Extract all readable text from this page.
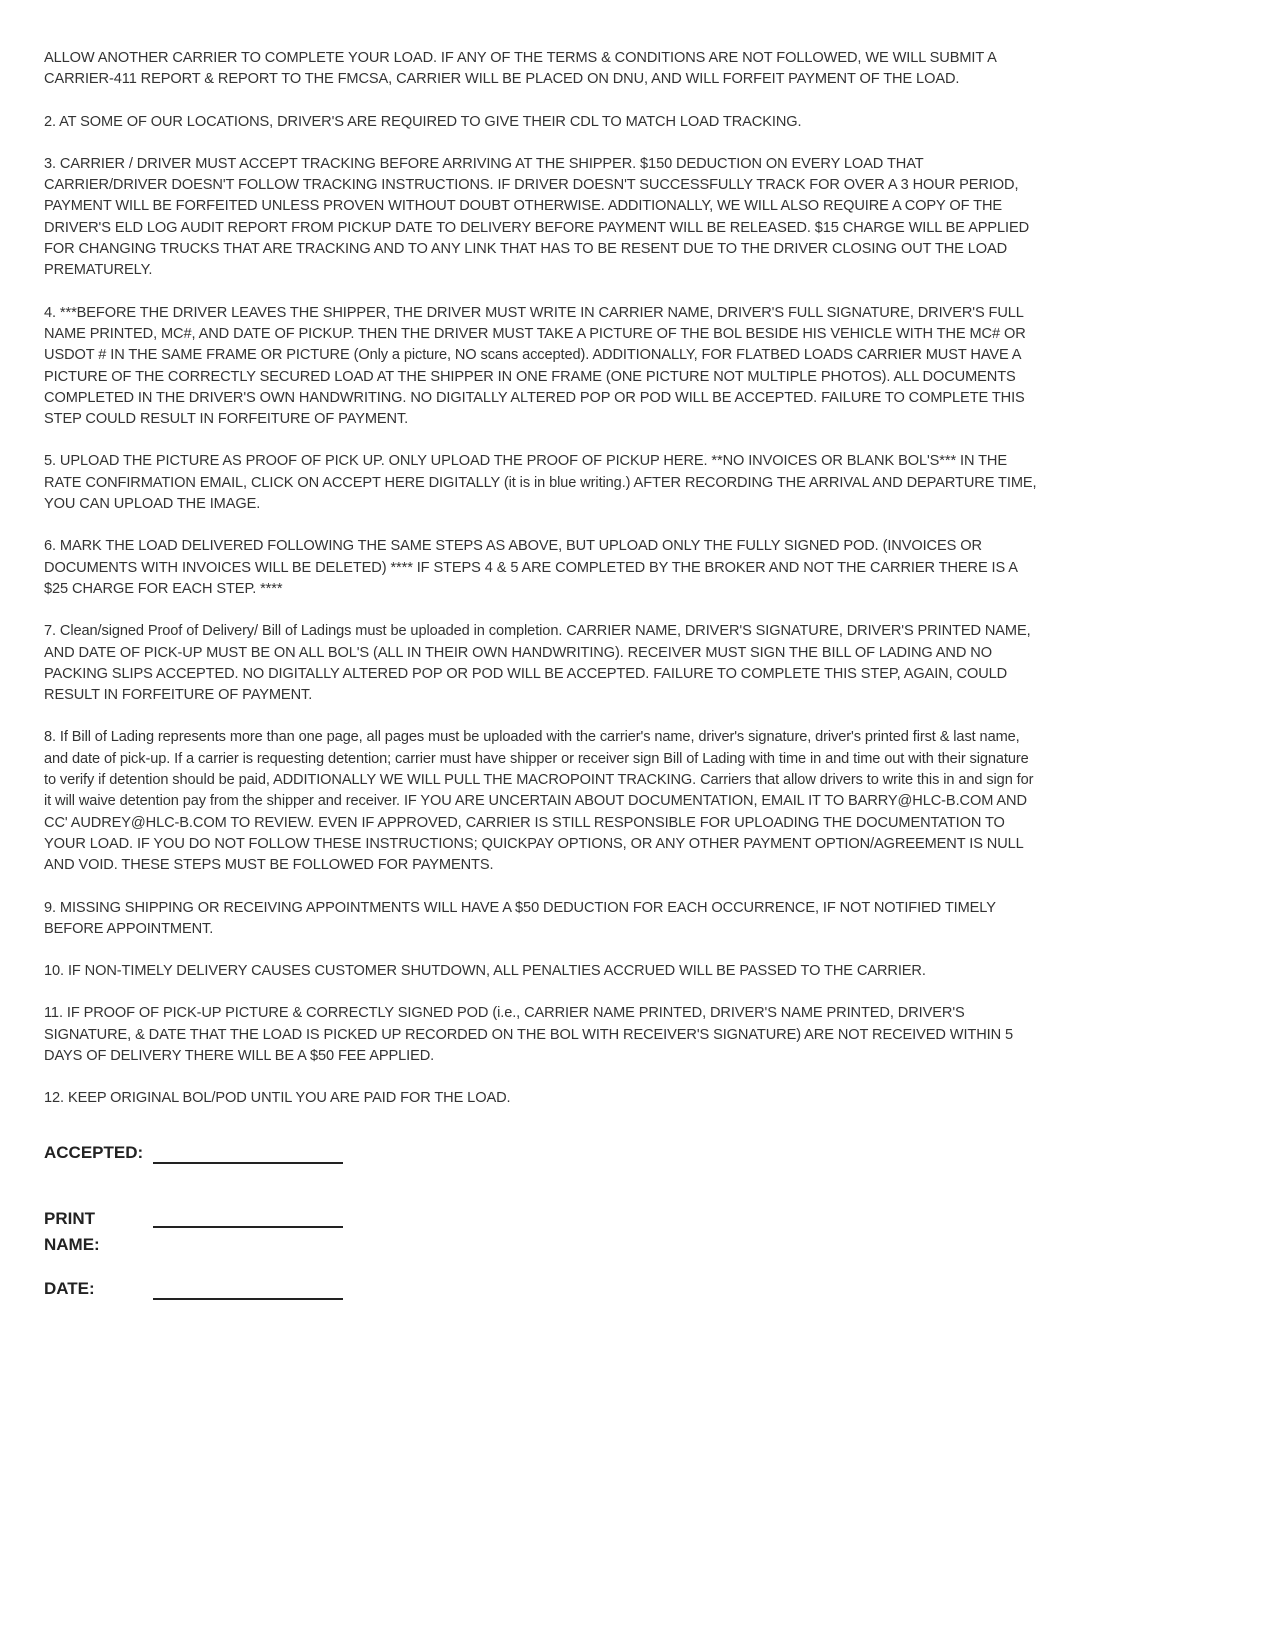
ALLOW ANOTHER CARRIER TO COMPLETE YOUR LOAD. IF ANY OF THE TERMS & CONDITIONS ARE NOT FOLLOWED, WE WILL SUBMIT A CARRIER-411 REPORT & REPORT TO THE FMCSA, CARRIER WILL BE PLACED ON DNU, AND WILL FORFEIT PAYMENT OF THE LOAD.

2. AT SOME OF OUR LOCATIONS, DRIVER'S ARE REQUIRED TO GIVE THEIR CDL TO MATCH LOAD TRACKING.

3. CARRIER / DRIVER MUST ACCEPT TRACKING BEFORE ARRIVING AT THE SHIPPER. $150 DEDUCTION ON EVERY LOAD THAT CARRIER/DRIVER DOESN'T FOLLOW TRACKING INSTRUCTIONS. IF DRIVER DOESN'T SUCCESSFULLY TRACK FOR OVER A 3 HOUR PERIOD, PAYMENT WILL BE FORFEITED UNLESS PROVEN WITHOUT DOUBT OTHERWISE. ADDITIONALLY, WE WILL ALSO REQUIRE A COPY OF THE DRIVER'S ELD LOG AUDIT REPORT FROM PICKUP DATE TO DELIVERY BEFORE PAYMENT WILL BE RELEASED. $15 CHARGE WILL BE APPLIED FOR CHANGING TRUCKS THAT ARE TRACKING AND TO ANY LINK THAT HAS TO BE RESENT DUE TO THE DRIVER CLOSING OUT THE LOAD PREMATURELY.

4. ***BEFORE THE DRIVER LEAVES THE SHIPPER, THE DRIVER MUST WRITE IN CARRIER NAME, DRIVER'S FULL SIGNATURE, DRIVER'S FULL NAME PRINTED, MC#, AND DATE OF PICKUP. THEN THE DRIVER MUST TAKE A PICTURE OF THE BOL BESIDE HIS VEHICLE WITH THE MC# OR USDOT # IN THE SAME FRAME OR PICTURE (Only a picture, NO scans accepted). ADDITIONALLY, FOR FLATBED LOADS CARRIER MUST HAVE A PICTURE OF THE CORRECTLY SECURED LOAD AT THE SHIPPER IN ONE FRAME (ONE PICTURE NOT MULTIPLE PHOTOS). ALL DOCUMENTS COMPLETED IN THE DRIVER'S OWN HANDWRITING. NO DIGITALLY ALTERED POP OR POD WILL BE ACCEPTED. FAILURE TO COMPLETE THIS STEP COULD RESULT IN FORFEITURE OF PAYMENT.

5. UPLOAD THE PICTURE AS PROOF OF PICK UP. ONLY UPLOAD THE PROOF OF PICKUP HERE. **NO INVOICES OR BLANK BOL'S*** IN THE RATE CONFIRMATION EMAIL, CLICK ON ACCEPT HERE DIGITALLY (it is in blue writing.) AFTER RECORDING THE ARRIVAL AND DEPARTURE TIME, YOU CAN UPLOAD THE IMAGE.

6. MARK THE LOAD DELIVERED FOLLOWING THE SAME STEPS AS ABOVE, BUT UPLOAD ONLY THE FULLY SIGNED POD. (INVOICES OR DOCUMENTS WITH INVOICES WILL BE DELETED) **** IF STEPS 4 & 5 ARE COMPLETED BY THE BROKER AND NOT THE CARRIER THERE IS A $25 CHARGE FOR EACH STEP. ****

7. Clean/signed Proof of Delivery/ Bill of Ladings must be uploaded in completion. CARRIER NAME, DRIVER'S SIGNATURE, DRIVER'S PRINTED NAME, AND DATE OF PICK-UP MUST BE ON ALL BOL'S (ALL IN THEIR OWN HANDWRITING). RECEIVER MUST SIGN THE BILL OF LADING AND NO PACKING SLIPS ACCEPTED. NO DIGITALLY ALTERED POP OR POD WILL BE ACCEPTED. FAILURE TO COMPLETE THIS STEP, AGAIN, COULD RESULT IN FORFEITURE OF PAYMENT.

8. If Bill of Lading represents more than one page, all pages must be uploaded with the carrier's name, driver's signature, driver's printed first & last name, and date of pick-up. If a carrier is requesting detention; carrier must have shipper or receiver sign Bill of Lading with time in and time out with their signature to verify if detention should be paid, ADDITIONALLY WE WILL PULL THE MACROPOINT TRACKING. Carriers that allow drivers to write this in and sign for it will waive detention pay from the shipper and receiver. IF YOU ARE UNCERTAIN ABOUT DOCUMENTATION, EMAIL IT TO BARRY@HLC-B.COM AND CC' AUDREY@HLC-B.COM TO REVIEW. EVEN IF APPROVED, CARRIER IS STILL RESPONSIBLE FOR UPLOADING THE DOCUMENTATION TO YOUR LOAD. IF YOU DO NOT FOLLOW THESE INSTRUCTIONS; QUICKPAY OPTIONS, OR ANY OTHER PAYMENT OPTION/AGREEMENT IS NULL AND VOID. THESE STEPS MUST BE FOLLOWED FOR PAYMENTS.

9. MISSING SHIPPING OR RECEIVING APPOINTMENTS WILL HAVE A $50 DEDUCTION FOR EACH OCCURRENCE, IF NOT NOTIFIED TIMELY BEFORE APPOINTMENT.

10. IF NON-TIMELY DELIVERY CAUSES CUSTOMER SHUTDOWN, ALL PENALTIES ACCRUED WILL BE PASSED TO THE CARRIER.

11. IF PROOF OF PICK-UP PICTURE & CORRECTLY SIGNED POD (i.e., CARRIER NAME PRINTED, DRIVER'S NAME PRINTED, DRIVER'S SIGNATURE, & DATE THAT THE LOAD IS PICKED UP RECORDED ON THE BOL WITH RECEIVER'S SIGNATURE) ARE NOT RECEIVED WITHIN 5 DAYS OF DELIVERY THERE WILL BE A $50 FEE APPLIED.

12. KEEP ORIGINAL BOL/POD UNTIL YOU ARE PAID FOR THE LOAD.

ACCEPTED:
PRINT
NAME:
DATE:
